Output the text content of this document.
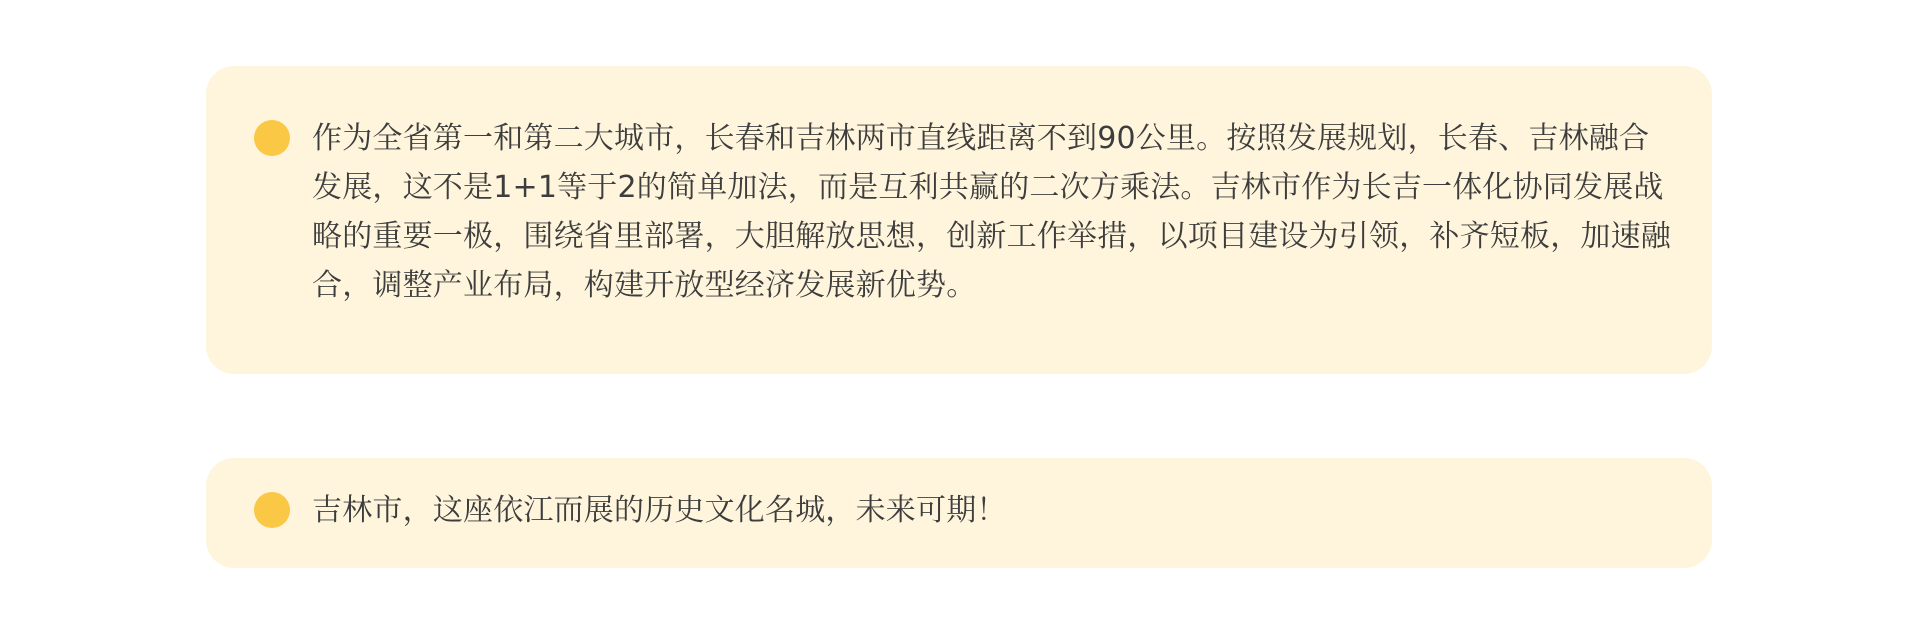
作为全省第一和第二大城市，长春和吉林两市直线距离不到90公里。按照发展规划，长春、吉林融合发展，这不是1+1等于2的简单加法，而是互利共赢的二次方乘法。吉林市作为长吉一体化协同发展战略的重要一极，围绕省里部署，大胆解放思想，创新工作举措，以项目建设为引领，补齐短板，加速融合，调整产业布局，构建开放型经济发展新优势。

吉林市，这座依江而展的历史文化名城，未来可期！
